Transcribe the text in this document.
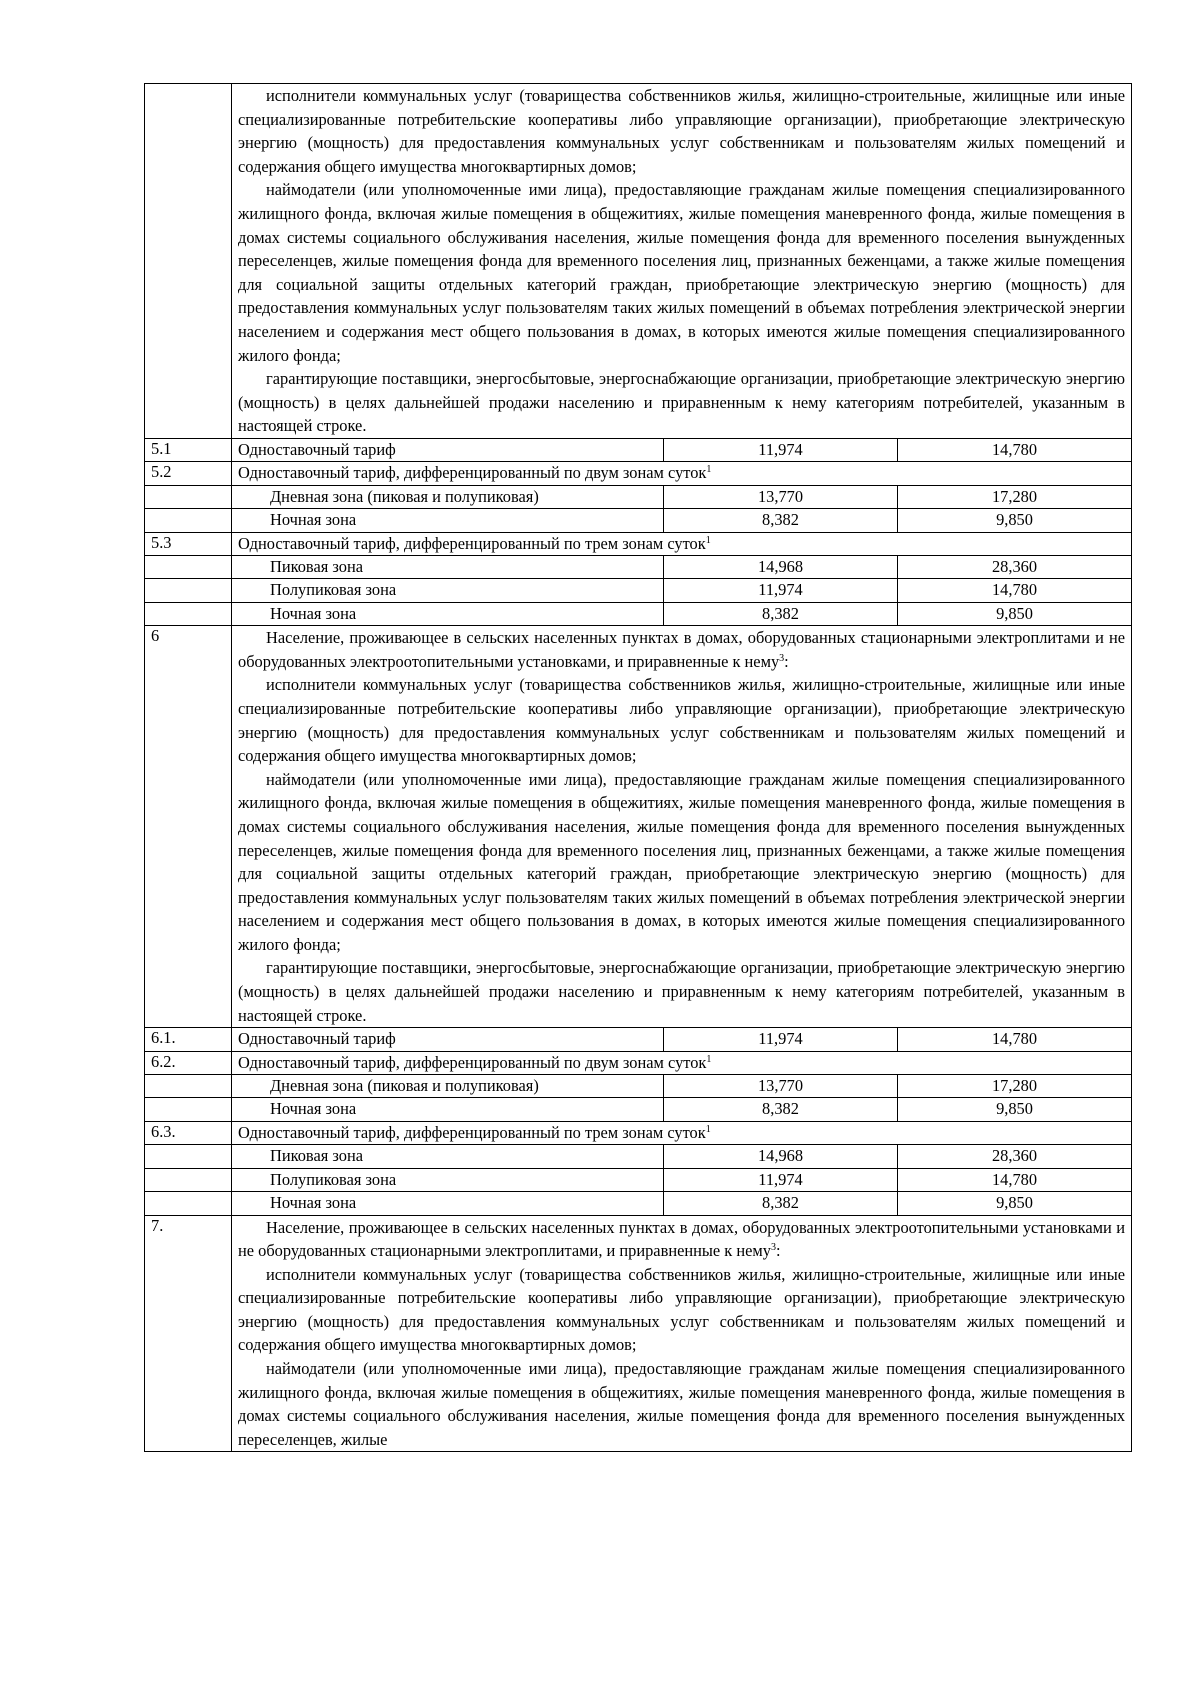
	исполнители коммунальных услуг (товарищества собственников жилья, жилищно-строительные, жилищные или иные специализированные потребительские кооперативы либо управляющие организации), приобретающие электрическую энергию (мощность) для предоставления коммунальных услуг собственникам и пользователям жилых помещений и содержания общего имущества многоквартирных домов;

наймодатели (или уполномоченные ими лица), предоставляющие гражданам жилые помещения специализированного жилищного фонда, включая жилые помещения в общежитиях, жилые помещения маневренного фонда, жилые помещения в домах системы социального обслуживания населения, жилые помещения фонда для временного поселения вынужденных переселенцев, жилые помещения фонда для временного поселения лиц, признанных беженцами, а также жилые помещения для социальной защиты отдельных категорий граждан, приобретающие электрическую энергию (мощность) для предоставления коммунальных услуг пользователям таких жилых помещений в объемах потребления электрической энергии населением и содержания мест общего пользования в домах, в которых имеются жилые помещения специализированного жилого фонда;

гарантирующие поставщики, энергосбытовые, энергоснабжающие организации, приобретающие электрическую энергию (мощность) в целях дальнейшей продажи населению и приравненным к нему категориям потребителей, указанным в настоящей строке.		

5.1	Одноставочный тариф	11,974	14,780
5.2	Одноставочный тариф, дифференцированный по двум зонам суток$^1$
	Дневная зона (пиковая и полупиковая)	13,770	17,280
	Ночная зона	8,382	9,850
5.3	Одноставочный тариф, дифференцированный по трем зонам суток$^1$
	Пиковая зона	14,968	28,360
	Полупиковая зона	11,974	14,780
	Ночная зона	8,382	9,850
6	Население, проживающее в сельских населенных пунктах в домах, оборудованных стационарными электроплитами и не оборудованных электроотопительными установками, и приравненные к нему$^3$:

исполнители коммунальных услуг (товарищества собственников жилья, жилищно-строительные, жилищные или иные специализированные потребительские кооперативы либо управляющие организации), приобретающие электрическую энергию (мощность) для предоставления коммунальных услуг собственникам и пользователям жилых помещений и содержания общего имущества многоквартирных домов;

наймодатели (или уполномоченные ими лица), предоставляющие гражданам жилые помещения специализированного жилищного фонда, включая жилые помещения в общежитиях, жилые помещения маневренного фонда, жилые помещения в домах системы социального обслуживания населения, жилые помещения фонда для временного поселения вынужденных переселенцев, жилые помещения фонда для временного поселения лиц, признанных беженцами, а также жилые помещения для социальной защиты отдельных категорий граждан, приобретающие электрическую энергию (мощность) для предоставления коммунальных услуг пользователям таких жилых помещений в объемах потребления электрической энергии населением и содержания мест общего пользования в домах, в которых имеются жилые помещения специализированного жилого фонда;

гарантирующие поставщики, энергосбытовые, энергоснабжающие организации, приобретающие электрическую энергию (мощность) в целях дальнейшей продажи населению и приравненным к нему категориям потребителей, указанным в настоящей строке.		

6.1.	Одноставочный тариф	11,974	14,780
6.2.	Одноставочный тариф, дифференцированный по двум зонам суток$^1$
	Дневная зона (пиковая и полупиковая)	13,770	17,280
	Ночная зона	8,382	9,850
6.3.	Одноставочный тариф, дифференцированный по трем зонам суток$^1$
	Пиковая зона	14,968	28,360
	Полупиковая зона	11,974	14,780
	Ночная зона	8,382	9,850
7.	Население, проживающее в сельских населенных пунктах в домах, оборудованных электроотопительными установками и не оборудованных стационарными электроплитами, и приравненные к нему$^3$:

исполнители коммунальных услуг (товарищества собственников жилья, жилищно-строительные, жилищные или иные специализированные потребительские кооперативы либо управляющие организации), приобретающие электрическую энергию (мощность) для предоставления коммунальных услуг собственникам и пользователям жилых помещений и содержания общего имущества многоквартирных домов;

наймодатели (или уполномоченные ими лица), предоставляющие гражданам жилые помещения специализированного жилищного фонда, включая жилые помещения в общежитиях, жилые помещения маневренного фонда, жилые помещения в домах системы социального обслуживания населения, жилые помещения фонда для временного поселения вынужденных переселенцев, жилые		
